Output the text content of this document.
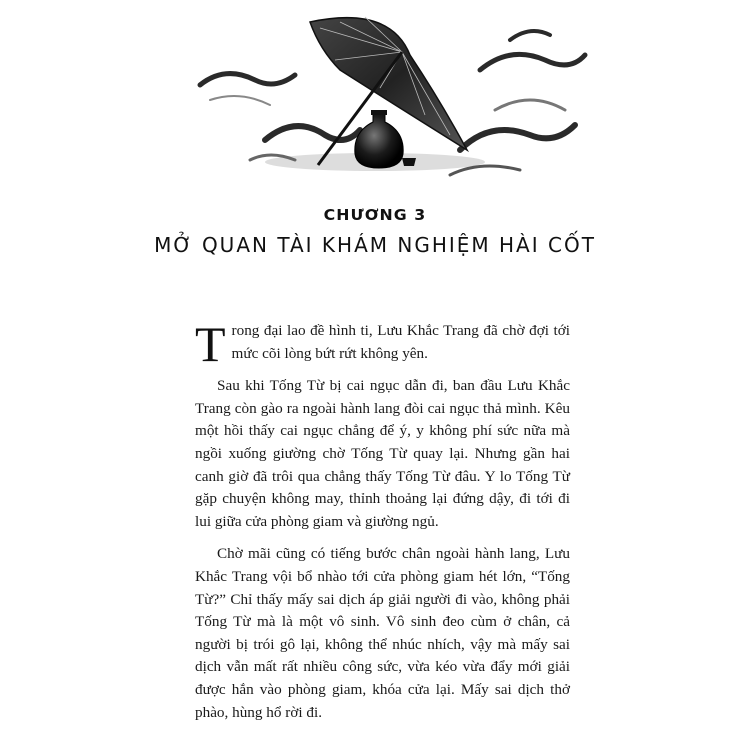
CHƯƠNG 3
MỞ QUAN TÀI KHÁM NGHIỆM HÀI CỐT

Trong đại lao đề hình ti, Lưu Khắc Trang đã chờ đợi tới mức cõi lòng bứt rứt không yên.

Sau khi Tống Từ bị cai ngục dẫn đi, ban đầu Lưu Khắc Trang còn gào ra ngoài hành lang đòi cai ngục thả mình. Kêu một hồi thấy cai ngục chẳng để ý, y không phí sức nữa mà ngồi xuống giường chờ Tống Từ quay lại. Nhưng gần hai canh giờ đã trôi qua chẳng thấy Tống Từ đâu. Y lo Tống Từ gặp chuyện không may, thỉnh thoảng lại đứng dậy, đi tới đi lui giữa cửa phòng giam và giường ngủ.

Chờ mãi cũng có tiếng bước chân ngoài hành lang, Lưu Khắc Trang vội bổ nhào tới cửa phòng giam hét lớn, “Tống Từ?” Chỉ thấy mấy sai dịch áp giải người đi vào, không phải Tống Từ mà là một vô sinh. Vô sinh đeo cùm ở chân, cả người bị trói gô lại, không thể nhúc nhích, vậy mà mấy sai dịch vẫn mất rất nhiều công sức, vừa kéo vừa đẩy mới giải được hắn vào phòng giam, khóa cửa lại. Mấy sai dịch thở phào, hùng hổ rời đi.
